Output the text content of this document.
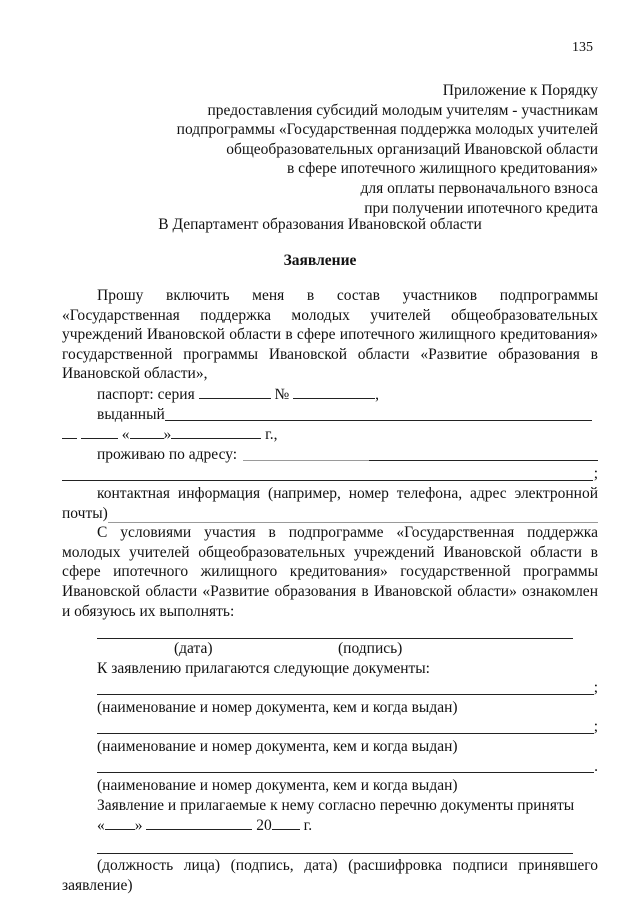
135
Приложение к Порядку
предоставления субсидий молодым учителям - участникам
подпрограммы «Государственная поддержка молодых учителей
общеобразовательных организаций Ивановской области
в сфере ипотечного жилищного кредитования»
для оплаты первоначального взноса
при получении ипотечного кредита
В Департамент образования Ивановской области
Заявление

Прошу включить меня в состав участников подпрограммы «Государственная поддержка молодых учителей общеобразовательных учреждений Ивановской области в сфере ипотечного жилищного кредитования» государственной программы Ивановской области «Развитие образования в Ивановской области»,

паспорт: серия	№	,
выданный
« »	г.,
проживаю по адресу:
;

контактная информация (например, номер телефона, адрес электронной почты)

С условиями участия в подпрограмме «Государственная поддержка молодых учителей общеобразовательных учреждений Ивановской области в сфере ипотечного жилищного кредитования» государственной программы Ивановской области «Развитие образования в Ивановской области» ознакомлен и обязуюсь их выполнять:

(дата)	(подпись)
К заявлению прилагаются следующие документы:
;
(наименование и номер документа, кем и когда выдан)
;
(наименование и номер документа, кем и когда выдан)
.
(наименование и номер документа, кем и когда выдан)
Заявление и прилагаемые к нему согласно перечню документы приняты
« »	20 г.

(должность лица) (подпись, дата) (расшифровка подписи принявшего заявление)
